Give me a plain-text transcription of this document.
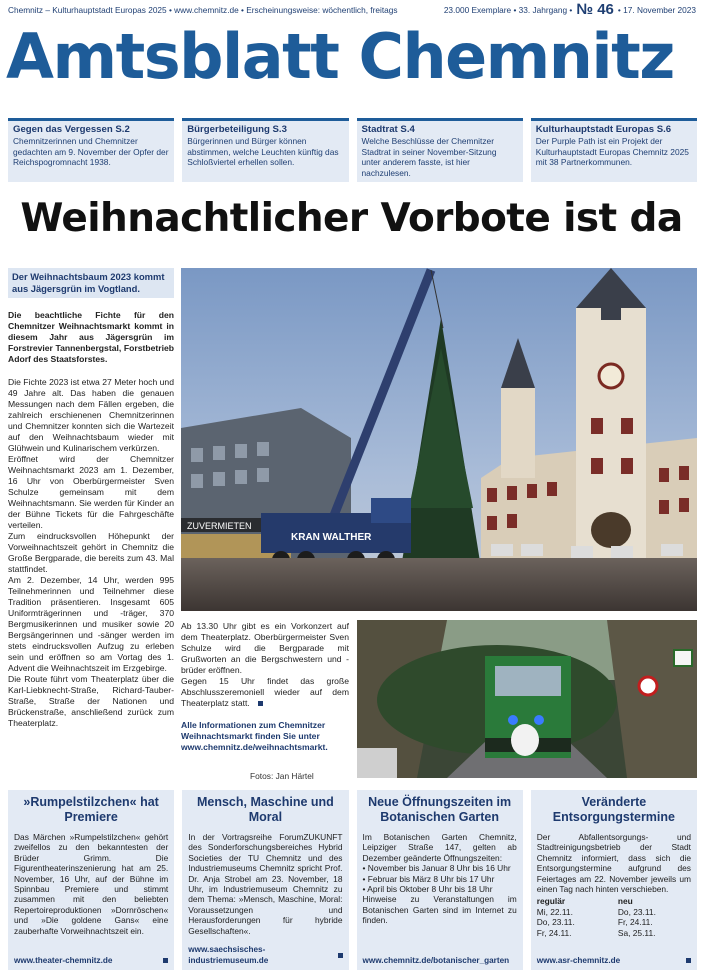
Chemnitz – Kulturhauptstadt Europas 2025 • www.chemnitz.de • Erscheinungsweise: wöchentlich, freitags	23.000 Exemplare • 33. Jahrgang • № 46 • 17. November 2023
Amtsblatt Chemnitz
Gegen das Vergessen S.2
Chemnitzerinnen und Chemnitzer gedachten am 9. November der Opfer der Reichspogromnacht 1938.
Bürgerbeteiligung S.3
Bürgerinnen und Bürger können abstimmen, welche Leuchten künftig das Schloßviertel erhellen sollen.
Stadtrat S.4
Welche Beschlüsse der Chemnitzer Stadtrat in seiner November-Sitzung unter anderem fasste, ist hier nachzulesen.
Kulturhauptstadt Europas S.6
Der Purple Path ist ein Projekt der Kulturhauptstadt Europas Chemnitz 2025 mit 38 Partnerkommunen.
Weihnachtlicher Vorbote ist da
Der Weihnachtsbaum 2023 kommt aus Jägersgrün im Vogtland.
Die beachtliche Fichte für den Chemnitzer Weihnachtsmarkt kommt in diesem Jahr aus Jägersgrün im Forstrevier Tannenbergstal, Forstbetrieb Adorf des Staatsforstes.

Die Fichte 2023 ist etwa 27 Meter hoch und 49 Jahre alt. Das haben die genauen Messungen nach dem Fällen ergeben, die zahlreich erschienenen Chemnitzerinnen und Chemnitzer konnten sich die Wartezeit auf den Weihnachtsbaum wieder mit Glühwein und Kulinarischem verkürzen.

Eröffnet wird der Chemnitzer Weihnachtsmarkt 2023 am 1. Dezember, 16 Uhr von Oberbürgermeister Sven Schulze gemeinsam mit dem Weihnachtsmann. Sie werden für Kinder an der Bühne Tickets für die Fahrgeschäfte verteilen.

Zum eindrucksvollen Höhepunkt der Vorweihnachtszeit gehört in Chemnitz die Große Bergparade, die bereits zum 43. Mal stattfindet.

Am 2. Dezember, 14 Uhr, werden 995 Teilnehmerinnen und Teilnehmer diese Tradition präsentieren. Insgesamt 605 Uniformträgerinnen und -träger, 370 Bergmusikerinnen und musiker sowie 20 Bergsängerinnen und -sänger werden im stets eindrucksvollen Aufzug zu erleben sein und eröffnen so am Vortag des 1. Advent die Weihnachtszeit im Erzgebirge.

Die Route führt vom Theaterplatz über die Karl-Liebknecht-Straße, Richard-Tauber-Straße, Straße der Nationen und Brückenstraße, anschließend zurück zum Theaterplatz.

ZUVERMIETEN
KRAN WALTHER

Ab 13.30 Uhr gibt es ein Vorkonzert auf dem Theaterplatz. Oberbürgermeister Sven Schulze wird die Bergparade mit Grußworten an die Bergschwestern und -brüder eröffnen.

Gegen 15 Uhr findet das große Abschlusszeremoniell wieder auf dem Theaterplatz statt.

Alle Informationen zum Chemnitzer Weihnachtsmarkt finden Sie unter www.chemnitz.de/weihnachtsmarkt.
Fotos: Jan Härtel
»Rumpelstilzchen« hat Premiere
Das Märchen »Rumpelstilzchen« gehört zweifellos zu den bekanntesten der Brüder Grimm. Die Figurentheaterinszenierung hat am 25. November, 16 Uhr, auf der Bühne im Spinnbau Premiere und stimmt zusammen mit den beliebten Repertoireproduktionen »Dornröschen« und »Die goldene Gans« eine zauberhafte Vorweihnachtszeit ein.
www.theater-chemnitz.de
Mensch, Maschine und Moral
In der Vortragsreihe ForumZUKUNFT des Sonderforschungsbereiches Hybrid Societies der TU Chemnitz und des Industriemuseums Chemnitz spricht Prof. Dr. Anja Strobel am 23. November, 18 Uhr, im Industriemuseum Chemnitz zu dem Thema: »Mensch, Maschine, Moral: Voraussetzungen und Herausforderungen für hybride Gesellschaften«.
www.saechsisches-industriemuseum.de
Neue Öffnungszeiten im Botanischen Garten
Im Botanischen Garten Chemnitz, Leipziger Straße 147, gelten ab Dezember geänderte Öffnungszeiten:
• November bis Januar 8 Uhr bis 16 Uhr
• Februar bis März 8 Uhr bis 17 Uhr
• April bis Oktober 8 Uhr bis 18 Uhr
Hinweise zu Veranstaltungen im Botanischen Garten sind im Internet zu finden.
www.chemnitz.de/botanischer_garten
Veränderte Entsorgungstermine
Der Abfallentsorgungs- und Stadtreinigungsbetrieb der Stadt Chemnitz informiert, dass sich die Entsorgungstermine aufgrund des Feiertages am 22. November jeweils um einen Tag nach hinten verschieben.
regulär	neu
Mi, 22.11.	Do, 23.11.
Do, 23.11.	Fr, 24.11.
Fr, 24.11.	Sa, 25.11.
www.asr-chemnitz.de
